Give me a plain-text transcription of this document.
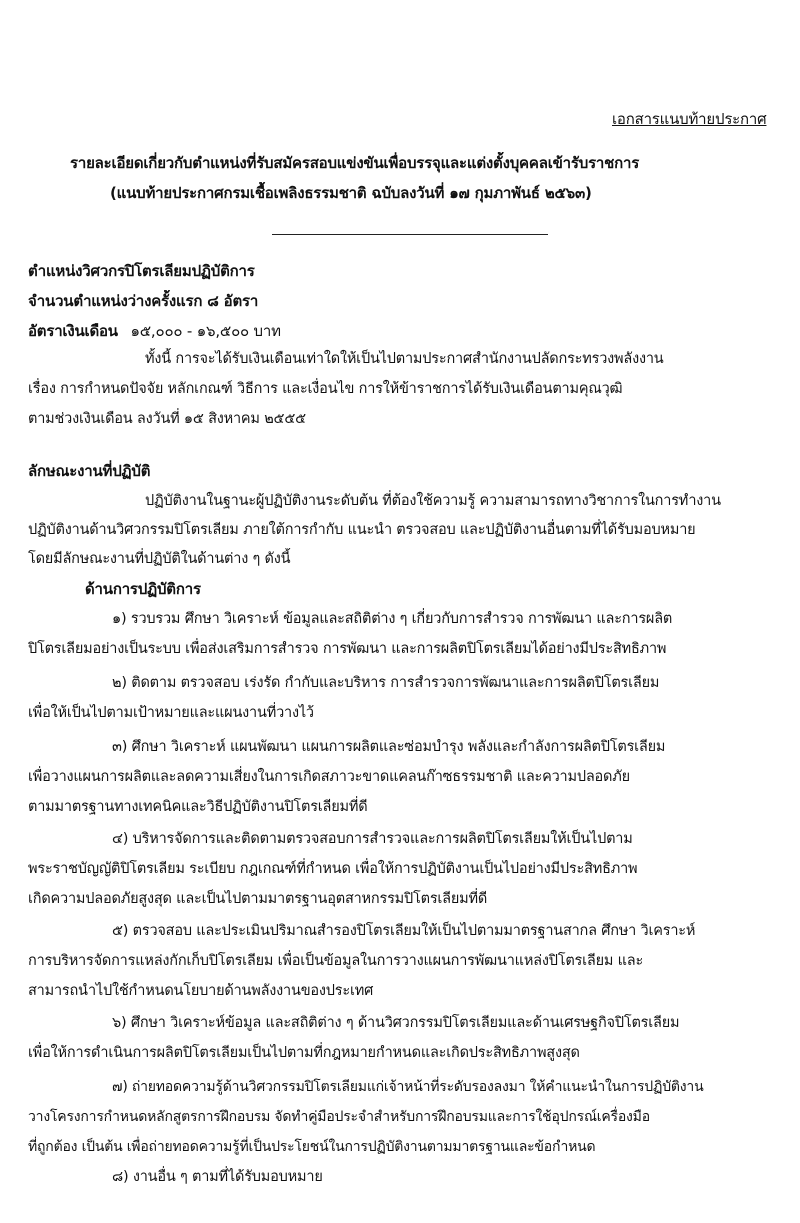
เอกสารแนบท้ายประกาศ
รายละเอียดเกี่ยวกับตำแหน่งที่รับสมัครสอบแข่งขันเพื่อบรรจุและแต่งตั้งบุคคลเข้ารับราชการ
(แนบท้ายประกาศกรมเชื้อเพลิงธรรมชาติ ฉบับลงวันที่ ๑๗ กุมภาพันธ์ ๒๕๖๓)
ตำแหน่งวิศวกรปิโตรเลียมปฏิบัติการ
จำนวนตำแหน่งว่างครั้งแรก ๘ อัตรา
อัตราเงินเดือน ๑๕,๐๐๐ - ๑๖,๕๐๐ บาท
ทั้งนี้ การจะได้รับเงินเดือนเท่าใดให้เป็นไปตามประกาศสำนักงานปลัดกระทรวงพลังงาน
เรื่อง การกำหนดปัจจัย หลักเกณฑ์ วิธีการ และเงื่อนไข การให้ข้าราชการได้รับเงินเดือนตามคุณวุฒิ
ตามช่วงเงินเดือน ลงวันที่ ๑๕ สิงหาคม ๒๕๕๕
ลักษณะงานที่ปฏิบัติ
ปฏิบัติงานในฐานะผู้ปฏิบัติงานระดับต้น ที่ต้องใช้ความรู้ ความสามารถทางวิชาการในการทำงาน
ปฏิบัติงานด้านวิศวกรรมปิโตรเลียม ภายใต้การกำกับ แนะนำ ตรวจสอบ และปฏิบัติงานอื่นตามที่ได้รับมอบหมาย
โดยมีลักษณะงานที่ปฏิบัติในด้านต่าง ๆ ดังนี้
ด้านการปฏิบัติการ
๑) รวบรวม ศึกษา วิเคราะห์ ข้อมูลและสถิติต่าง ๆ เกี่ยวกับการสำรวจ การพัฒนา และการผลิต
ปิโตรเลียมอย่างเป็นระบบ เพื่อส่งเสริมการสำรวจ การพัฒนา และการผลิตปิโตรเลียมได้อย่างมีประสิทธิภาพ
๒) ติดตาม ตรวจสอบ เร่งรัด กำกับและบริหาร การสำรวจการพัฒนาและการผลิตปิโตรเลียม
เพื่อให้เป็นไปตามเป้าหมายและแผนงานที่วางไว้
๓) ศึกษา วิเคราะห์ แผนพัฒนา แผนการผลิตและซ่อมบำรุง พลังและกำลังการผลิตปิโตรเลียม
เพื่อวางแผนการผลิตและลดความเสี่ยงในการเกิดสภาวะขาดแคลนก๊าซธรรมชาติ และความปลอดภัย
ตามมาตรฐานทางเทคนิคและวิธีปฏิบัติงานปิโตรเลียมที่ดี
๔) บริหารจัดการและติดตามตรวจสอบการสำรวจและการผลิตปิโตรเลียมให้เป็นไปตาม
พระราชบัญญัติปิโตรเลียม ระเบียบ กฎเกณฑ์ที่กำหนด เพื่อให้การปฏิบัติงานเป็นไปอย่างมีประสิทธิภาพ
เกิดความปลอดภัยสูงสุด และเป็นไปตามมาตรฐานอุตสาหกรรมปิโตรเลียมที่ดี
๕) ตรวจสอบ และประเมินปริมาณสำรองปิโตรเลียมให้เป็นไปตามมาตรฐานสากล ศึกษา วิเคราะห์
การบริหารจัดการแหล่งกักเก็บปิโตรเลียม เพื่อเป็นข้อมูลในการวางแผนการพัฒนาแหล่งปิโตรเลียม และ
สามารถนำไปใช้กำหนดนโยบายด้านพลังงานของประเทศ
๖) ศึกษา วิเคราะห์ข้อมูล และสถิติต่าง ๆ ด้านวิศวกรรมปิโตรเลียมและด้านเศรษฐกิจปิโตรเลียม
เพื่อให้การดำเนินการผลิตปิโตรเลียมเป็นไปตามที่กฎหมายกำหนดและเกิดประสิทธิภาพสูงสุด
๗) ถ่ายทอดความรู้ด้านวิศวกรรมปิโตรเลียมแก่เจ้าหน้าที่ระดับรองลงมา ให้คำแนะนำในการปฏิบัติงาน
วางโครงการกำหนดหลักสูตรการฝึกอบรม จัดทำคู่มือประจำสำหรับการฝึกอบรมและการใช้อุปกรณ์เครื่องมือ
ที่ถูกต้อง เป็นต้น เพื่อถ่ายทอดความรู้ที่เป็นประโยชน์ในการปฏิบัติงานตามมาตรฐานและข้อกำหนด
๘) งานอื่น ๆ ตามที่ได้รับมอบหมาย
